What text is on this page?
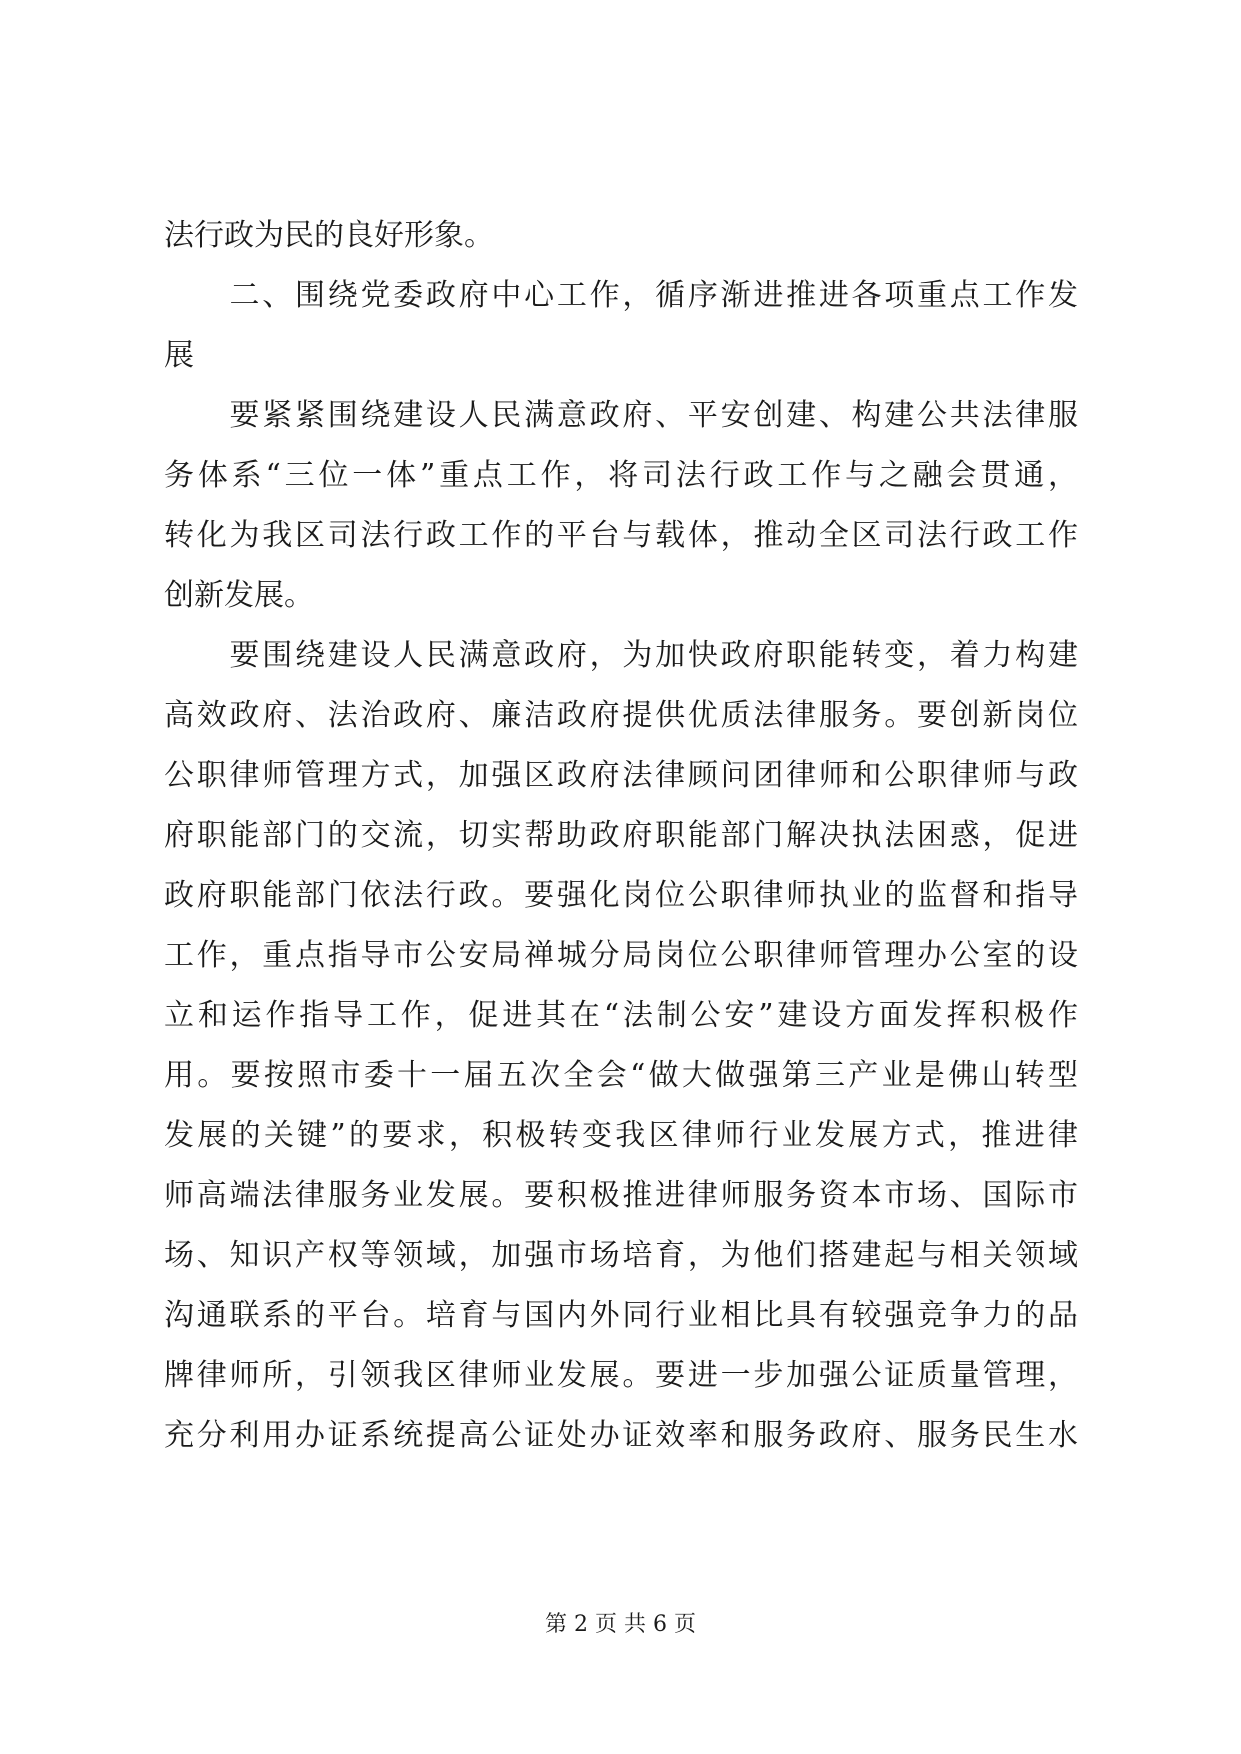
法行政为民的良好形象。
　　二、围绕党委政府中心工作，循序渐进推进各项重点工作发
展
　　要紧紧围绕建设人民满意政府、平安创建、构建公共法律服
务体系“三位一体”重点工作，将司法行政工作与之融会贯通，
转化为我区司法行政工作的平台与载体，推动全区司法行政工作
创新发展。
　　要围绕建设人民满意政府，为加快政府职能转变，着力构建
高效政府、法治政府、廉洁政府提供优质法律服务。要创新岗位
公职律师管理方式，加强区政府法律顾问团律师和公职律师与政
府职能部门的交流，切实帮助政府职能部门解决执法困惑，促进
政府职能部门依法行政。要强化岗位公职律师执业的监督和指导
工作，重点指导市公安局禅城分局岗位公职律师管理办公室的设
立和运作指导工作，促进其在“法制公安”建设方面发挥积极作
用。要按照市委十一届五次全会“做大做强第三产业是佛山转型
发展的关键”的要求，积极转变我区律师行业发展方式，推进律
师高端法律服务业发展。要积极推进律师服务资本市场、国际市
场、知识产权等领域，加强市场培育，为他们搭建起与相关领域
沟通联系的平台。培育与国内外同行业相比具有较强竞争力的品
牌律师所，引领我区律师业发展。要进一步加强公证质量管理，
充分利用办证系统提高公证处办证效率和服务政府、服务民生水
第 2 页 共 6 页
